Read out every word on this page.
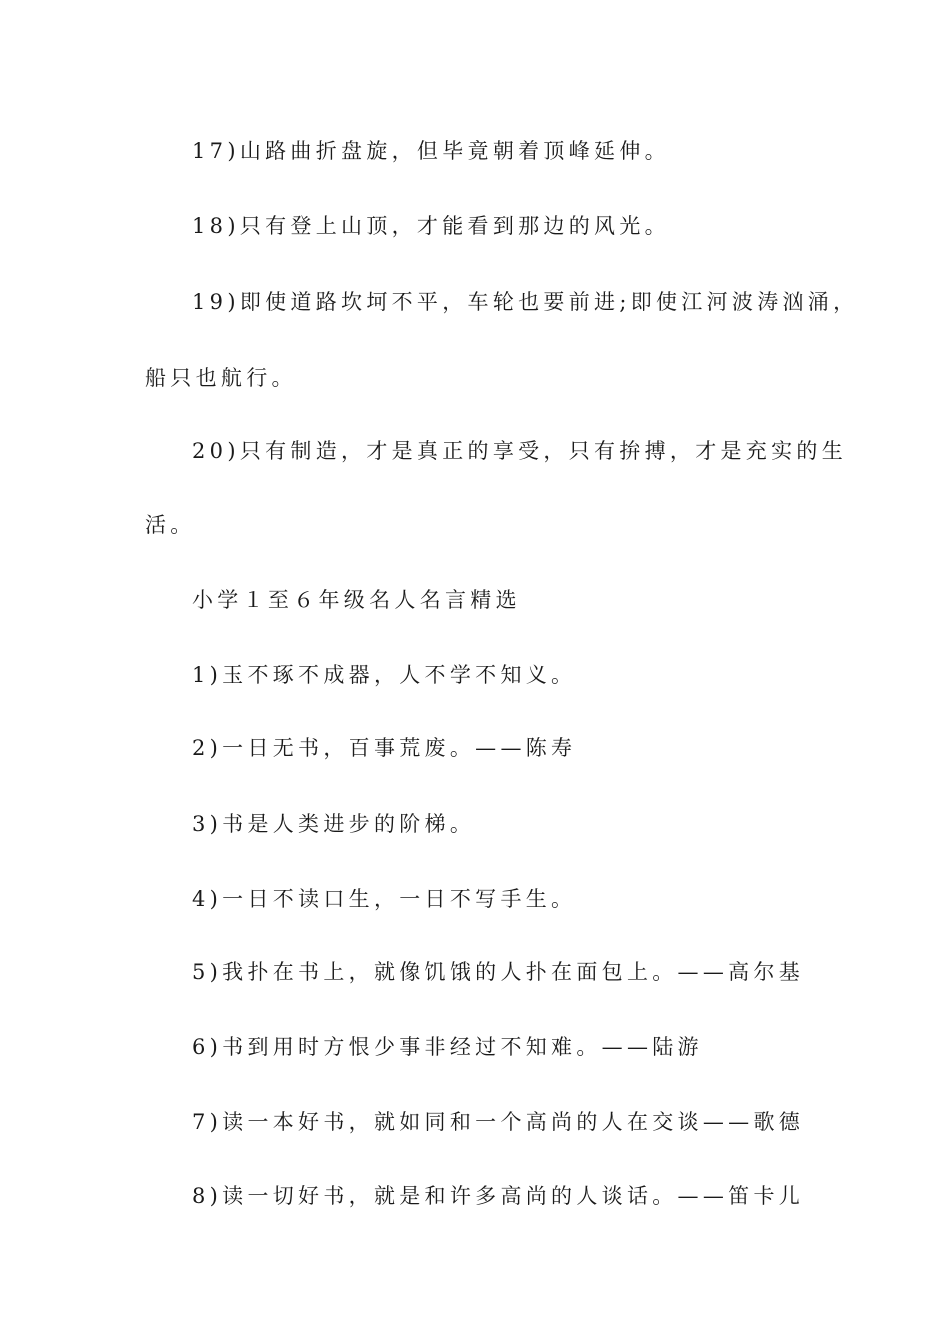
17)山路曲折盘旋，但毕竟朝着顶峰延伸。
18)只有登上山顶，才能看到那边的风光。
19)即使道路坎坷不平，车轮也要前进;即使江河波涛汹涌，
船只也航行。
20)只有制造，才是真正的享受，只有拚搏，才是充实的生
活。
小学１至６年级名人名言精选
1)玉不琢不成器，人不学不知义。
2)一日无书，百事荒废。——陈寿
3)书是人类进步的阶梯。
4)一日不读口生，一日不写手生。
5)我扑在书上，就像饥饿的人扑在面包上。——高尔基
6)书到用时方恨少事非经过不知难。——陆游
7)读一本好书，就如同和一个高尚的人在交谈——歌德
8)读一切好书，就是和许多高尚的人谈话。——笛卡儿
